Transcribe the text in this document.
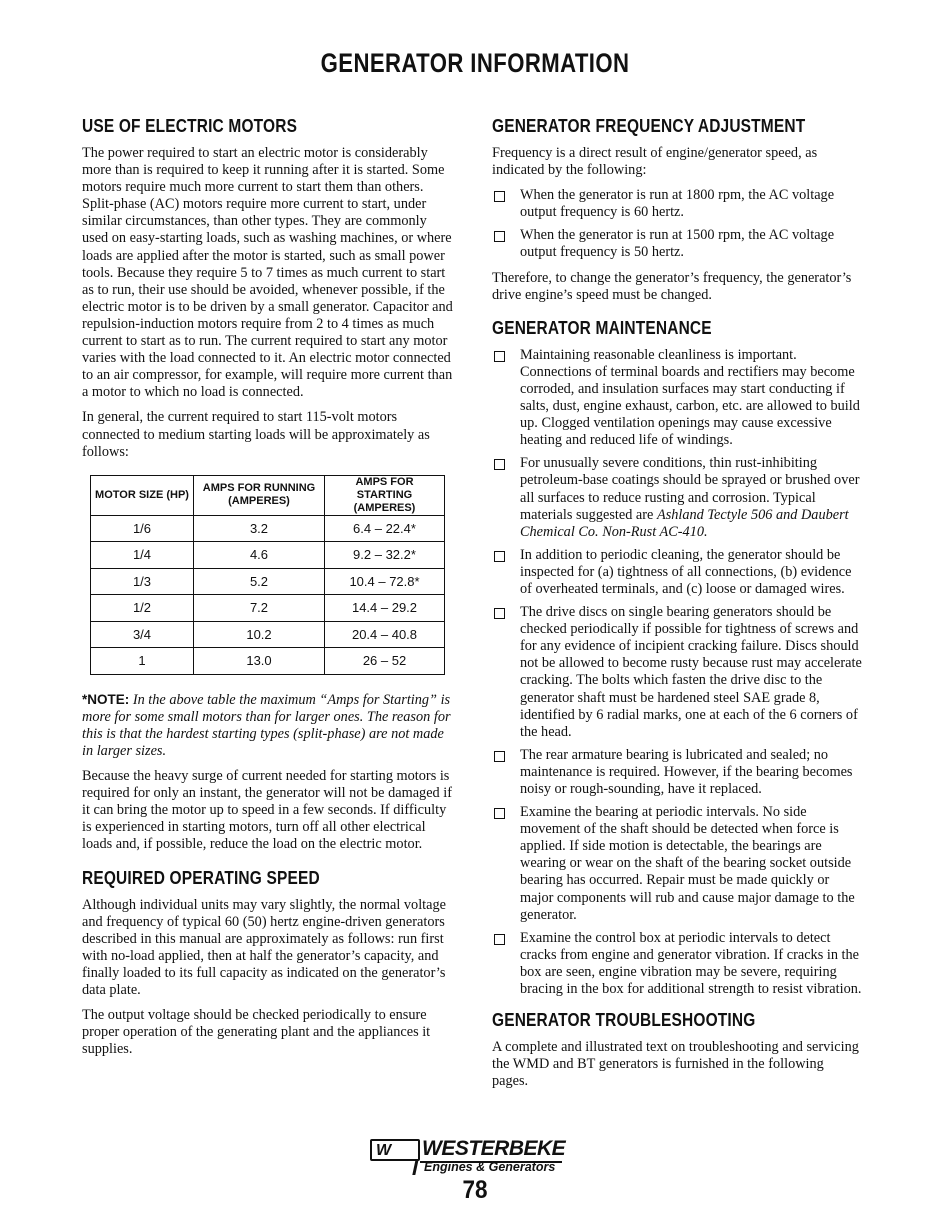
GENERATOR INFORMATION
USE OF ELECTRIC MOTORS

The power required to start an electric motor is considerably more than is required to keep it running after it is started. Some motors require much more current to start them than others. Split-phase (AC) motors require more current to start, under similar circumstances, than other types. They are commonly used on easy-starting loads, such as washing machines, or where loads are applied after the motor is started, such as small power tools. Because they require 5 to 7 times as much current to start as to run, their use should be avoided, whenever possible, if the electric motor is to be driven by a small generator. Capacitor and repulsion-induction motors require from 2 to 4 times as much current to start as to run. The current required to start any motor varies with the load connected to it. An electric motor connected to an air compressor, for example, will require more current than a motor to which no load is connected.

In general, the current required to start 115-volt motors connected to medium starting loads will be approximately as follows:

MOTOR SIZE (HP)	AMPS FOR RUNNING (AMPERES)	AMPS FOR STARTING (AMPERES)
1/6	3.2	6.4 – 22.4*
1/4	4.6	9.2 – 32.2*
1/3	5.2	10.4 – 72.8*
1/2	7.2	14.4 – 29.2
3/4	10.2	20.4 – 40.8
1	13.0	26 – 52

*NOTE: In the above table the maximum “Amps for Starting” is more for some small motors than for larger ones. The reason for this is that the hardest starting types (split-phase) are not made in larger sizes.

Because the heavy surge of current needed for starting motors is required for only an instant, the generator will not be damaged if it can bring the motor up to speed in a few seconds. If difficulty is experienced in starting motors, turn off all other electrical loads and, if possible, reduce the load on the electric motor.

REQUIRED OPERATING SPEED

Although individual units may vary slightly, the normal voltage and frequency of typical 60 (50) hertz engine-driven generators described in this manual are approximately as follows: run first with no-load applied, then at half the generator’s capacity, and finally loaded to its full capacity as indicated on the generator’s data plate.

The output voltage should be checked periodically to ensure proper operation of the generating plant and the appliances it supplies.

GENERATOR FREQUENCY ADJUSTMENT

Frequency is a direct result of engine/generator speed, as indicated by the following:

When the generator is run at 1800 rpm, the AC voltage output frequency is 60 hertz.
When the generator is run at 1500 rpm, the AC voltage output frequency is 50 hertz.

Therefore, to change the generator’s frequency, the generator’s drive engine’s speed must be changed.

GENERATOR MAINTENANCE
Maintaining reasonable cleanliness is important. Connections of terminal boards and rectifiers may become corroded, and insulation surfaces may start conducting if salts, dust, engine exhaust, carbon, etc. are allowed to build up. Clogged ventilation openings may cause excessive heating and reduced life of windings.
For unusually severe conditions, thin rust-inhibiting petroleum-base coatings should be sprayed or brushed over all surfaces to reduce rusting and corrosion. Typical materials suggested are Ashland Tectyle 506 and Daubert Chemical Co. Non-Rust AC-410.
In addition to periodic cleaning, the generator should be inspected for (a) tightness of all connections, (b) evidence of overheated terminals, and (c) loose or damaged wires.
The drive discs on single bearing generators should be checked periodically if possible for tightness of screws and for any evidence of incipient cracking failure. Discs should not be allowed to become rusty because rust may accelerate cracking. The bolts which fasten the drive disc to the generator shaft must be hardened steel SAE grade 8, identified by 6 radial marks, one at each of the 6 corners of the head.
The rear armature bearing is lubricated and sealed; no maintenance is required. However, if the bearing becomes noisy or rough-sounding, have it replaced.
Examine the bearing at periodic intervals. No side movement of the shaft should be detected when force is applied. If side motion is detectable, the bearings are wearing or wear on the shaft of the bearing socket outside bearing has occurred. Repair must be made quickly or major components will rub and cause major damage to the generator.
Examine the control box at periodic intervals to detect cracks from engine and generator vibration. If cracks in the box are seen, engine vibration may be severe, requiring bracing in the box for additional strength to resist vibration.
GENERATOR TROUBLESHOOTING

A complete and illustrated text on troubleshooting and servicing the WMD and BT generators is furnished in the following pages.

W WESTERBEKE
Engines & Generators
78
